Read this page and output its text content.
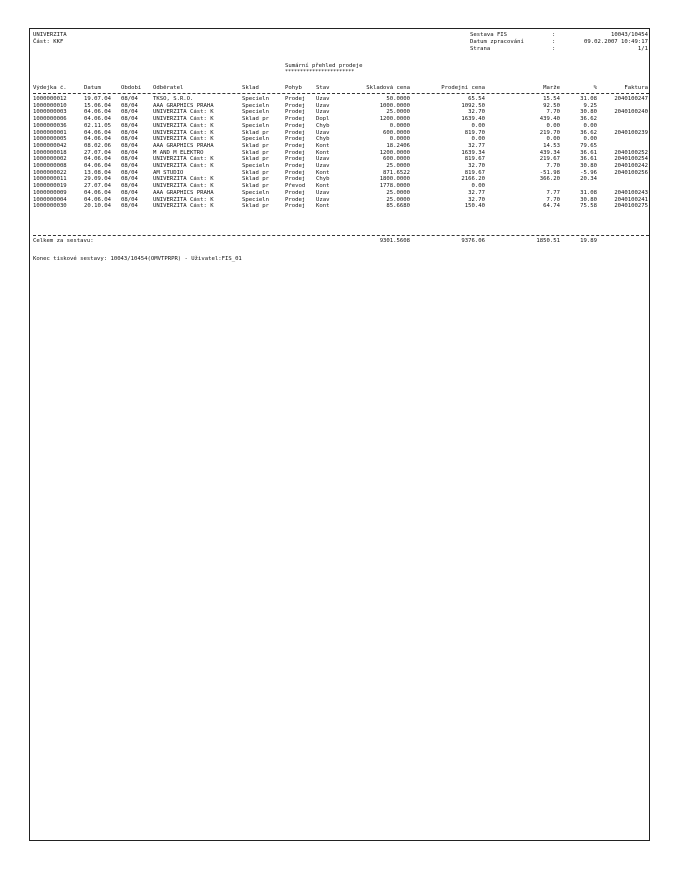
UNIVERZITA
Část: KKF
Sestava FIS	:	10043/10454
Datum zpracování	:	09.02.2007 10:49:17
Strana	:	1/1
Sumární přehled prodeje
***********************
Výdejka č.	Datum	Období	Odběratel	Sklad	Pohyb	Stav	Skladová cena	Prodejní cena	Marže	%	Faktura
1000000012	19.07.04	08/04	TKSO, S.R.O.	Specieln	Prodej	Uzav	50.0000	65.54	15.54	31.08	2040100247
1000000010	15.06.04	08/04	AAA GRAPHICS PRAHA	Specieln	Prodej	Uzav	1000.0000	1092.50	92.50	9.25
1000000003	04.06.04	08/04	UNIVERZITA Část: K	Specieln	Prodej	Uzav	25.0000	32.70	7.70	30.80	2040100240
1000000006	04.06.04	08/04	UNIVERZITA Část: K	Sklad pr	Prodej	Dopl	1200.0000	1639.40	439.40	36.62
1000000036	02.11.05	08/04	UNIVERZITA Část: K	Specieln	Prodej	Chyb	0.0000	0.00	0.00	0.00
1000000001	04.06.04	08/04	UNIVERZITA Část: K	Sklad pr	Prodej	Uzav	600.0000	819.70	219.70	36.62	2040100239
1000000005	04.06.04	08/04	UNIVERZITA Část: K	Specieln	Prodej	Chyb	0.0000	0.00	0.00	0.00
1000000042	08.02.06	08/04	AAA GRAPHICS PRAHA	Sklad pr	Prodej	Kont	18.2406	32.77	14.53	79.65
1000000018	27.07.04	08/04	M AND M ELEKTRO	Sklad pr	Prodej	Kont	1200.0000	1639.34	439.34	36.61	2040100252
1000000002	04.06.04	08/04	UNIVERZITA Část: K	Sklad pr	Prodej	Uzav	600.0000	819.67	219.67	36.61	2040100254
1000000008	04.06.04	08/04	UNIVERZITA Část: K	Specieln	Prodej	Uzav	25.0000	32.70	7.70	30.80	2040100242
1000000022	13.08.04	08/04	AM STUDIO	Sklad pr	Prodej	Kont	871.6522	819.67	-51.98	-5.96	2040100256
1000000011	29.09.04	08/04	UNIVERZITA Část: K	Sklad pr	Prodej	Chyb	1800.0000	2166.20	366.20	20.34
1000000019	27.07.04	08/04	UNIVERZITA Část: K	Sklad pr	Převod	Kont	1778.0000	0.00
1000000009	04.06.04	08/04	AAA GRAPHICS PRAHA	Specieln	Prodej	Uzav	25.0000	32.77	7.77	31.08	2040100243
1000000004	04.06.04	08/04	UNIVERZITA Část: K	Specieln	Prodej	Uzav	25.0000	32.70	7.70	30.80	2040100241
1000000030	20.10.04	08/04	UNIVERZITA Část: K	Sklad pr	Prodej	Kont	85.6680	150.40	64.74	75.58	2040100275
Celkem za sestavu:	9301.5608	9376.06	1850.51	19.89
Konec tiskové sestavy: 10043/10454(OMVTPRPR) - Uživatel:FIS_01
